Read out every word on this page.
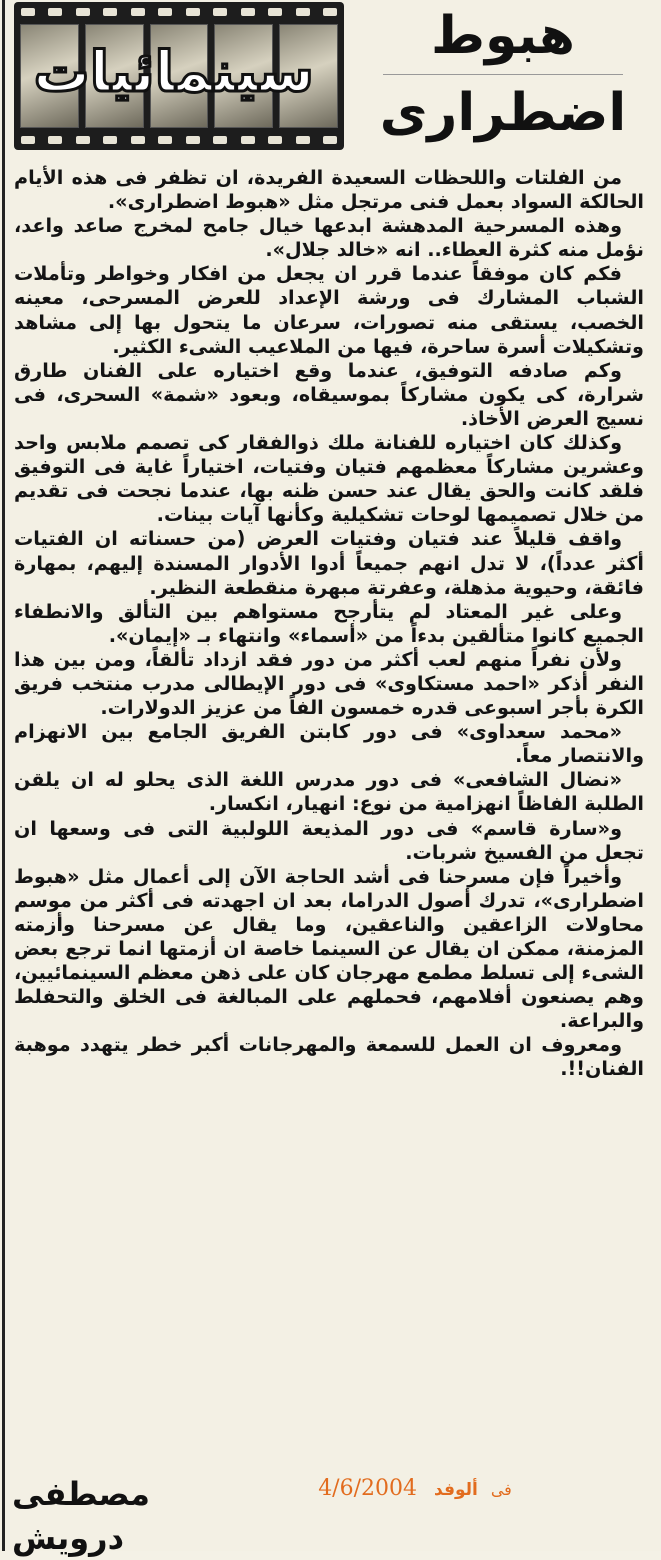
هبوط
اضطرارى
سينمائيات

من الفلتات واللحظات السعيدة الفريدة، ان تظفر فى هذه الأيام الحالكة السواد بعمل فنى مرتجل مثل «هبوط اضطرارى».

وهذه المسرحية المدهشة ابدعها خيال جامح لمخرج صاعد واعد، نؤمل منه كثرة العطاء.. انه «خالد جلال».

فكم كان موفقاً عندما قرر ان يجعل من افكار وخواطر وتأملات الشباب المشارك فى ورشة الإعداد للعرض المسرحى، معينه الخصب، يستقى منه تصورات، سرعان ما يتحول بها إلى مشاهد وتشكيلات أسرة ساحرة، فيها من الملاعيب الشىء الكثير.

وكم صادفه التوفيق، عندما وقع اختياره على الفنان طارق شرارة، كى يكون مشاركاً بموسيقاه، وبعود «شمة» السحرى، فى نسيج العرض الأخاذ.

وكذلك كان اختياره للفنانة ملك ذوالفقار كى تصمم ملابس واحد وعشرين مشاركاً معظمهم فتيان وفتيات، اختياراً غاية فى التوفيق فلقد كانت والحق يقال عند حسن ظنه بها، عندما نجحت فى تقديم من خلال تصميمها لوحات تشكيلية وكأنها آيات بينات.

واقف قليلاً عند فتيان وفتيات العرض (من حسناته ان الفتيات أكثر عدداً)، لا تدل انهم جميعاً أدوا الأدوار المسندة إليهم، بمهارة فائقة، وحيوية مذهلة، وعفرتة مبهرة منقطعة النظير.

وعلى غير المعتاد لم يتأرجح مستواهم بين التألق والانطفاء الجميع كانوا متألقين بدءاً من «أسماء» وانتهاء بـ «إيمان».

ولأن نفراً منهم لعب أكثر من دور فقد ازداد تألقاً، ومن بين هذا النفر أذكر «احمد مستكاوى» فى دور الإيطالى مدرب منتخب فريق الكرة بأجر اسبوعى قدره خمسون الفاً من عزيز الدولارات.

«محمد سعداوى» فى دور كابتن الفريق الجامع بين الانهزام والانتصار معاً.

«نضال الشافعى» فى دور مدرس اللغة الذى يحلو له ان يلقن الطلبة الفاظاً انهزامية من نوع: انهيار، انكسار.

و«سارة قاسم» فى دور المذيعة اللولبية التى فى وسعها ان تجعل من الفسيخ شربات.

وأخيراً فإن مسرحنا فى أشد الحاجة الآن إلى أعمال مثل «هبوط اضطرارى»، تدرك أصول الدراما، بعد ان اجهدته فى أكثر من موسم محاولات الزاعقين والناعقين، وما يقال عن مسرحنا وأزمته المزمنة، ممكن ان يقال عن السينما خاصة ان أزمتها انما ترجع بعض الشىء إلى تسلط مطمع مهرجان كان على ذهن معظم السينمائيين، وهم يصنعون أفلامهم، فحملهم على المبالغة فى الخلق والتحفلط والبراعة.

ومعروف ان العمل للسمعة والمهرجانات أكبر خطر يتهدد موهبة الفنان!!.

مصطفى درويش
4/6/2004	فى ألوفد
